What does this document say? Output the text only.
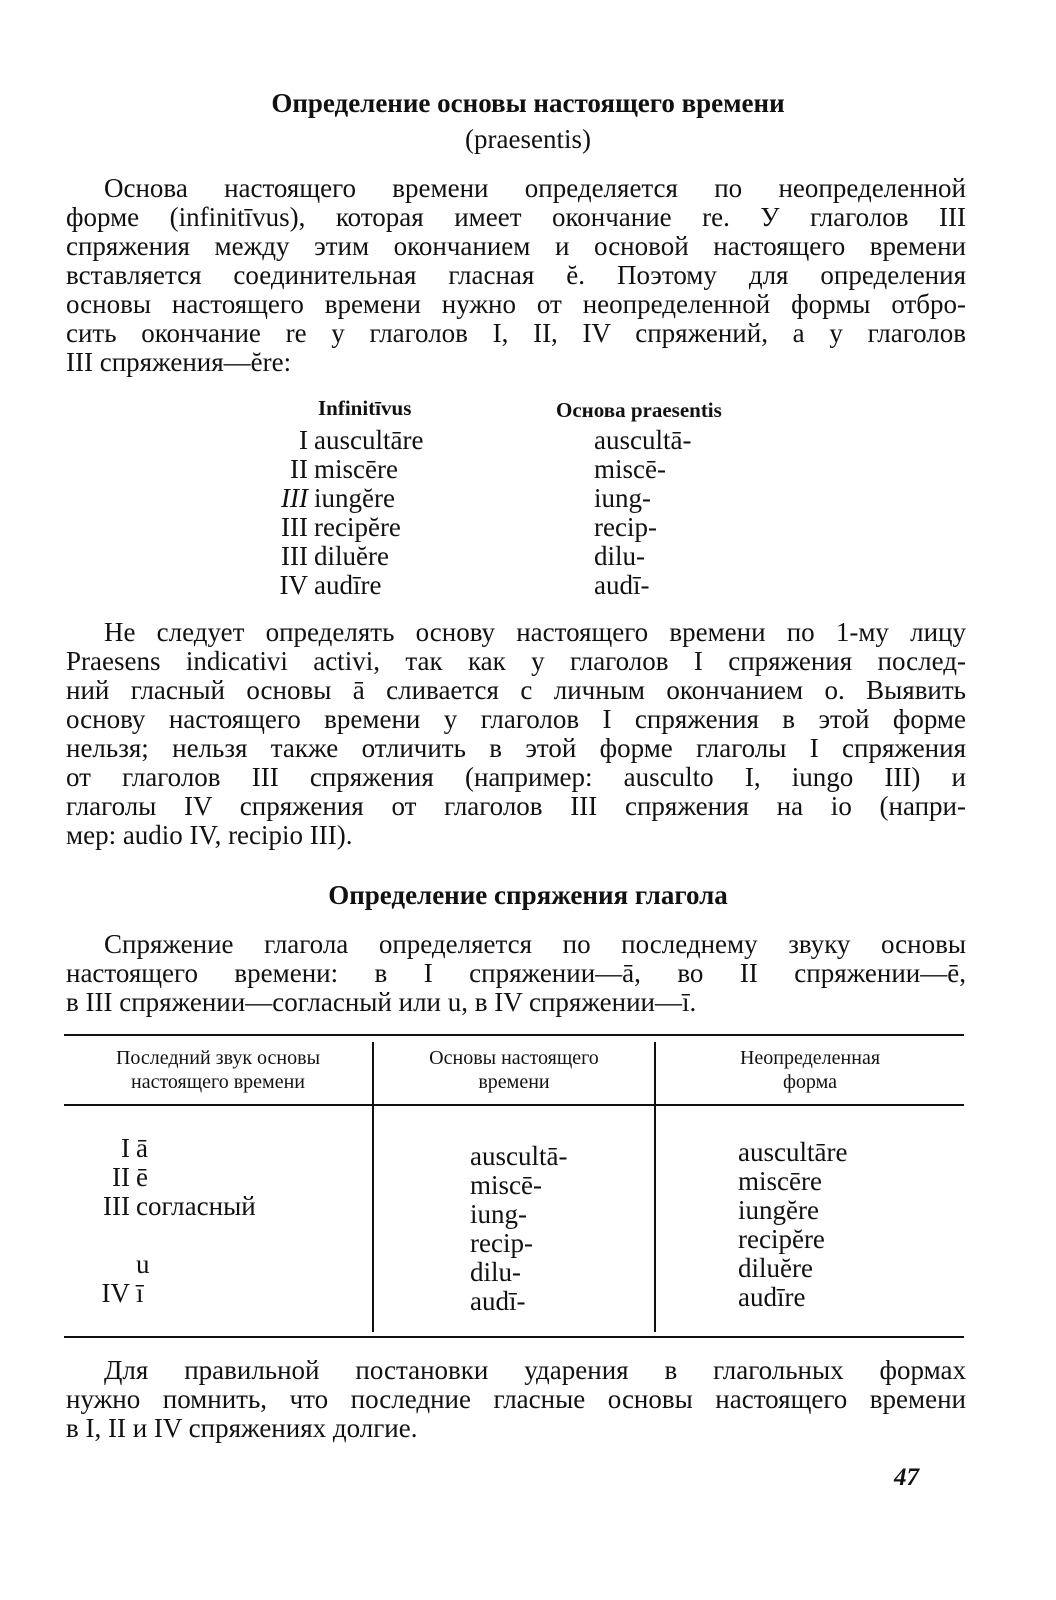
Определение основы настоящего времени
(praesentis)
Основа настоящего времени определяется по неопределенной
форме (infinitīvus), которая имеет окончание re. У глаголов III
спряжения между этим окончанием и основой настоящего времени
вставляется соединительная гласная ĕ. Поэтому для определения
основы настоящего времени нужно от неопределенной формы отбро-
сить окончание re у глаголов I, II, IV спряжений, а у глаголов
III спряжения—ĕre:
Infinitīvus	Основа praesentis
I auscultāre
II miscēre
III iungĕre
III recipĕre
III diluĕre
IV audīre
auscultā-
miscē-
iung-
recip-
dilu-
audī-
Не следует определять основу настоящего времени по 1-му лицу
Praesens indicativi activi, так как у глаголов I спряжения послед-
ний гласный основы ā сливается с личным окончанием o. Выявить
основу настоящего времени у глаголов I спряжения в этой форме
нельзя; нельзя также отличить в этой форме глаголы I спряжения
от глаголов III спряжения (например: ausculto I, iungo III) и
глаголы IV спряжения от глаголов III спряжения на io (напри-
мер: audio IV, recipio III).
Определение спряжения глагола
Спряжение глагола определяется по последнему звуку основы
настоящего времени: в I спряжении—ā, во II спряжении—ē,
в III спряжении—согласный или u, в IV спряжении—ī.
Последний звук основы
настоящего времени
Основы настоящего
времени
Неопределенная
форма
I ā
II ē
III согласный
u
IV ī
auscultā-
miscē-
iung-
recip-
dilu-
audī-
auscultāre
miscēre
iungĕre
recipĕre
diluĕre
audīre
Для правильной постановки ударения в глагольных формах
нужно помнить, что последние гласные основы настоящего времени
в I, II и IV спряжениях долгие.
47
